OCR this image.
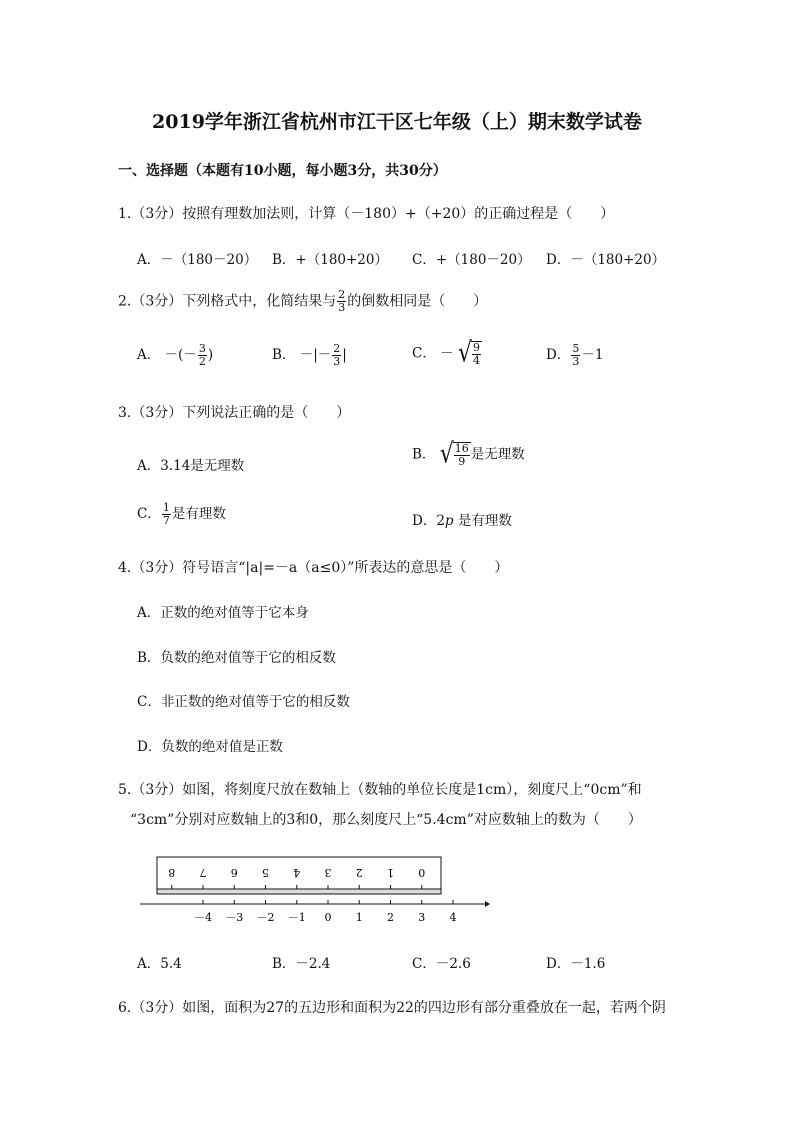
2019学年浙江省杭州市江干区七年级（上）期末数学试卷
一、选择题（本题有10小题，每小题3分，共30分）
1.（3分）按照有理数加法则，计算（－180）+（+20）的正确过程是（　　）
A．－（180－20） B．+（180+20） C．+（180－20） D．－（180+20）
2.（3分）下列格式中，化简结果与 $\frac{2}{3}$ 的倒数相同是（　　）
A． －(－ $\frac{3}{2}$ )	B． －|－ $\frac{2}{3}$ |	C． － √ $\frac{9}{4}$	D． $\frac{5}{3} -1$
3.（3分）下列说法正确的是（　　）
A．3.14是无理数
B． √ $\frac{16}{9}$ 是无理数
C． $\frac{1}{7}$ 是有理数	D．2p 是有理数
4.（3分）符号语言“|a|=－a（a≤0）”所表达的意思是（　　）
A．正数的绝对值等于它本身
B．负数的绝对值等于它的相反数
C．非正数的绝对值等于它的相反数
D．负数的绝对值是正数
5.（3分）如图，将刻度尺放在数轴上（数轴的单位长度是1cm），刻度尺上“0cm”和
“3cm”分别对应数轴上的3和0，那么刻度尺上“5.4cm”对应数轴上的数为（　　）
8 7 6 5 4 3 2 1 0
－4 －3 －2 －1 0 1 2 3 4
A．5.4	B．－2.4	C．－2.6	D．－1.6
6.（3分）如图，面积为27的五边形和面积为22的四边形有部分重叠放在一起，若两个阴
